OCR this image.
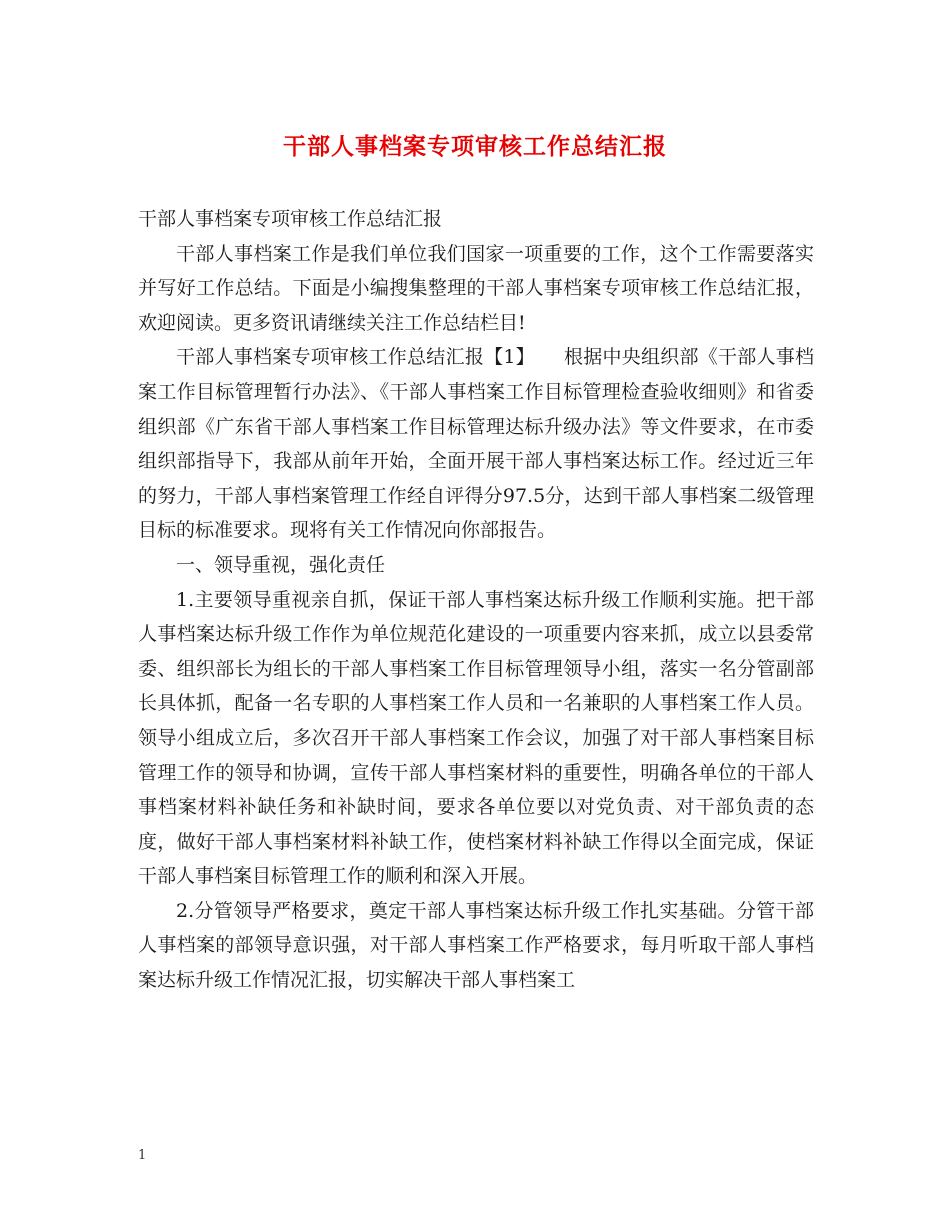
干部人事档案专项审核工作总结汇报

干部人事档案专项审核工作总结汇报

干部人事档案工作是我们单位我们国家一项重要的工作，这个工作需要落实并写好工作总结。下面是小编搜集整理的干部人事档案专项审核工作总结汇报，欢迎阅读。更多资讯请继续关注工作总结栏目!

干部人事档案专项审核工作总结汇报【1】　　根据中央组织部《干部人事档案工作目标管理暂行办法》、《干部人事档案工作目标管理检查验收细则》和省委组织部《广东省干部人事档案工作目标管理达标升级办法》等文件要求，在市委组织部指导下，我部从前年开始，全面开展干部人事档案达标工作。经过近三年的努力，干部人事档案管理工作经自评得分97.5分，达到干部人事档案二级管理目标的标准要求。现将有关工作情况向你部报告。

一、领导重视，强化责任

1.主要领导重视亲自抓，保证干部人事档案达标升级工作顺利实施。把干部人事档案达标升级工作作为单位规范化建设的一项重要内容来抓，成立以县委常委、组织部长为组长的干部人事档案工作目标管理领导小组，落实一名分管副部长具体抓，配备一名专职的人事档案工作人员和一名兼职的人事档案工作人员。领导小组成立后，多次召开干部人事档案工作会议，加强了对干部人事档案目标管理工作的领导和协调，宣传干部人事档案材料的重要性，明确各单位的干部人事档案材料补缺任务和补缺时间，要求各单位要以对党负责、对干部负责的态度，做好干部人事档案材料补缺工作，使档案材料补缺工作得以全面完成，保证干部人事档案目标管理工作的顺利和深入开展。

2.分管领导严格要求，奠定干部人事档案达标升级工作扎实基础。分管干部人事档案的部领导意识强，对干部人事档案工作严格要求，每月听取干部人事档案达标升级工作情况汇报，切实解决干部人事档案工

1
